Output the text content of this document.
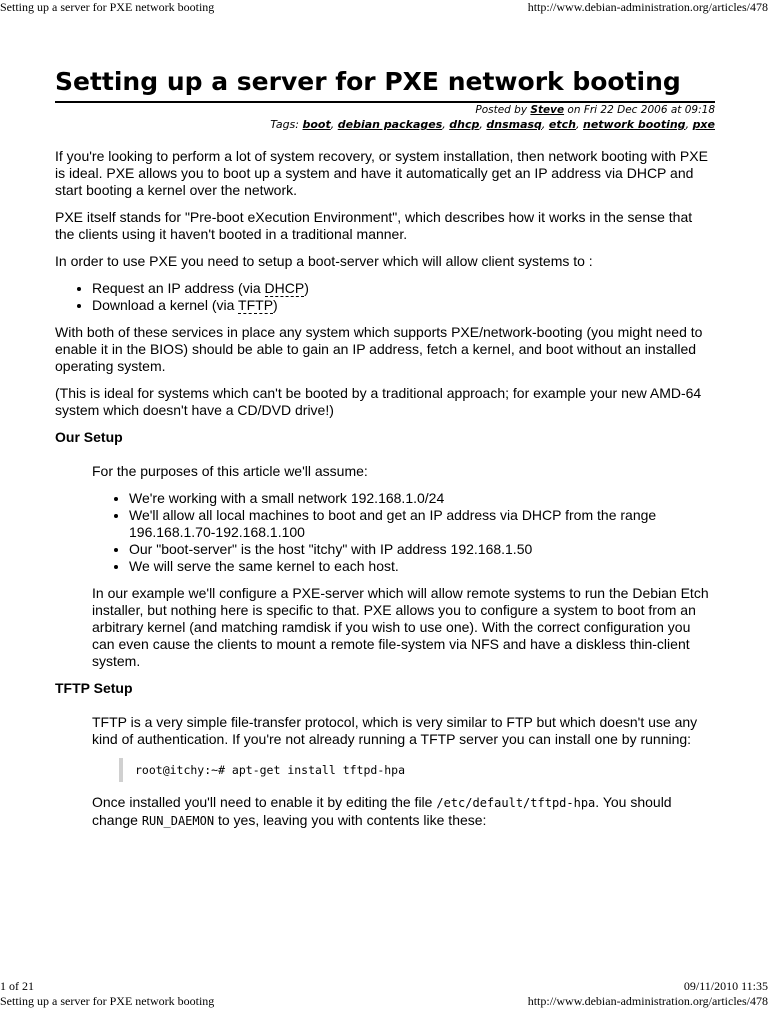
Setting up a server for PXE network booting	http://www.debian-administration.org/articles/478
Setting up a server for PXE network booting
Posted by Steve on Fri 22 Dec 2006 at 09:18
Tags: boot, debian packages, dhcp, dnsmasq, etch, network booting, pxe

If you're looking to perform a lot of system recovery, or system installation, then network booting with PXE is ideal. PXE allows you to boot up a system and have it automatically get an IP address via DHCP and start booting a kernel over the network.

PXE itself stands for "Pre-boot eXecution Environment", which describes how it works in the sense that the clients using it haven't booted in a traditional manner.

In order to use PXE you need to setup a boot-server which will allow client systems to :

• Request an IP address (via DHCP)
• Download a kernel (via TFTP)

With both of these services in place any system which supports PXE/network-booting (you might need to enable it in the BIOS) should be able to gain an IP address, fetch a kernel, and boot without an installed operating system.

(This is ideal for systems which can't be booted by a traditional approach; for example your new AMD-64 system which doesn't have a CD/DVD drive!)

Our Setup

For the purposes of this article we'll assume:

• We're working with a small network 192.168.1.0/24
• We'll allow all local machines to boot and get an IP address via DHCP from the range 196.168.1.70-192.168.1.100
• Our "boot-server" is the host "itchy" with IP address 192.168.1.50
• We will serve the same kernel to each host.

In our example we'll configure a PXE-server which will allow remote systems to run the Debian Etch installer, but nothing here is specific to that. PXE allows you to configure a system to boot from an arbitrary kernel (and matching ramdisk if you wish to use one). With the correct configuration you can even cause the clients to mount a remote file-system via NFS and have a diskless thin-client system.

TFTP Setup

TFTP is a very simple file-transfer protocol, which is very similar to FTP but which doesn't use any kind of authentication. If you're not already running a TFTP server you can install one by running:

root@itchy:~# apt-get install tftpd-hpa

Once installed you'll need to enable it by editing the file /etc/default/tftpd-hpa. You should change RUN_DAEMON to yes, leaving you with contents like these:

1 of 21	09/11/2010 11:35
Setting up a server for PXE network booting	http://www.debian-administration.org/articles/478
